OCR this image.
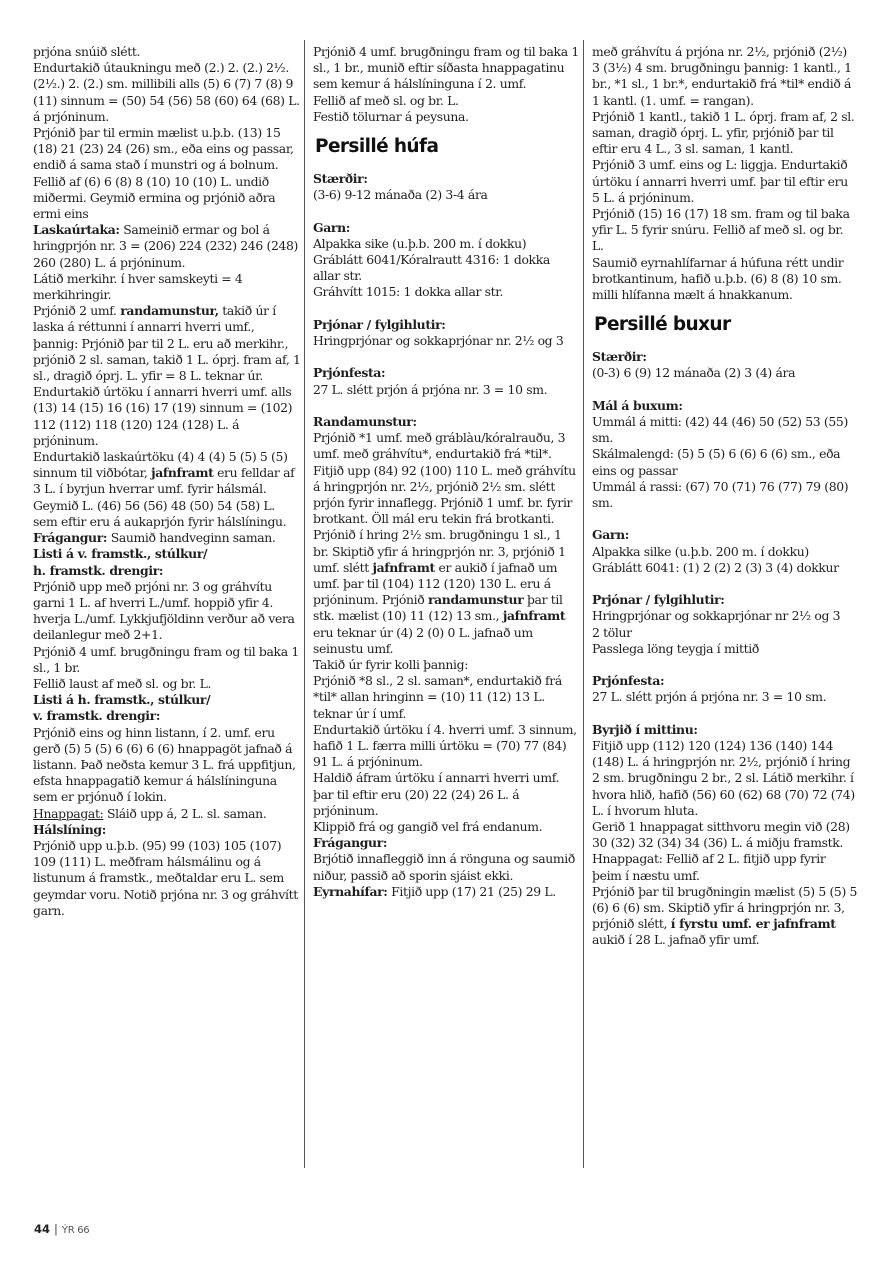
prjóna snúið slétt.

Endurtakið útaukningu með (2.) 2. (2.) 2½. (2½.) 2. (2.) sm. millibili alls (5) 6 (7) 7 (8) 9 (11) sinnum = (50) 54 (56) 58 (60) 64 (68) L. á prjóninum.

Prjónið þar til ermin mælist u.þ.b. (13) 15 (18) 21 (23) 24 (26) sm., eða eins og passar, endið á sama stað í munstri og á bolnum.

Fellið af (6) 6 (8) 8 (10) 10 (10) L. undið miðermi. Geymið ermina og prjónið aðra ermi eins

Laskaúrtaka: Sameinið ermar og bol á hringprjón nr. 3 = (206) 224 (232) 246 (248) 260 (280) L. á prjóninum.

Látið merkihr. í hver samskeyti = 4 merkihringir.

Prjónið 2 umf. randamunstur, takið úr í laska á réttunni í annarri hverri umf., þannig: Prjónið þar til 2 L. eru að merkihr., prjónið 2 sl. saman, takið 1 L. óprj. fram af, 1 sl., dragið óprj. L. yfir = 8 L. teknar úr.

Endurtakið úrtöku í annarri hverri umf. alls (13) 14 (15) 16 (16) 17 (19) sinnum = (102) 112 (112) 118 (120) 124 (128) L. á prjóninum.

Endurtakið laskaúrtöku (4) 4 (4) 5 (5) 5 (5) sinnum til viðbótar, jafnframt eru felldar af 3 L. í byrjun hverrar umf. fyrir hálsmál.

Geymið L. (46) 56 (56) 48 (50) 54 (58) L. sem eftir eru á aukaprjón fyrir hálslíningu.

Frágangur: Saumið handveginn saman.

Listi á v. framstk., stúlkur/ h. framstk. drengir:

Prjónið upp með prjóni nr. 3 og gráhvítu garni 1 L. af hverri L./umf. hoppið yfir 4. hverja L./umf. Lykkjufjöldinn verður að vera deilanlegur með 2+1.

Prjónið 4 umf. brugðningu fram og til baka 1 sl., 1 br.

Fellið laust af með sl. og br. L.

Listi á h. framstk., stúlkur/ v. framstk. drengir:

Prjónið eins og hinn listann, í 2. umf. eru gerð (5) 5 (5) 6 (6) 6 (6) hnappagöt jafnað á listann. Það neðsta kemur 3 L. frá uppfitjun, efsta hnappagatið kemur á hálslíninguna sem er prjónuð í lokin.

Hnappagat: Sláið upp á, 2 L. sl. saman.

Hálslíning:

Prjónið upp u.þ.b. (95) 99 (103) 105 (107) 109 (111) L. meðfram hálsmálinu og á listunum á framstk., meðtaldar eru L. sem geymdar voru. Notið prjóna nr. 3 og gráhvítt garn.

Prjónið 4 umf. brugðningu fram og til baka 1 sl., 1 br., munið eftir síðasta hnappagatinu sem kemur á hálslíninguna í 2. umf.

Fellið af með sl. og br. L.

Festið tölurnar á peysuna.

Persillé húfa

Stærðir:

(3-6) 9-12 mánaða (2) 3-4 ára

Garn:

Alpakka sike (u.þ.b. 200 m. í dokku)

Gráblátt 6041/Kóralrautt 4316: 1 dokka allar str.

Gráhvítt 1015: 1 dokka allar str.

Prjónar / fylgihlutir:

Hringprjónar og sokkaprjónar nr. 2½ og 3

Prjónfesta:

27 L. slétt prjón á prjóna nr. 3 = 10 sm.

Randamunstur:

Prjónið *1 umf. með gráblàu/kóralrauðu, 3 umf. með gráhvítu*, endurtakið frá *til*.

Fitjið upp (84) 92 (100) 110 L. með gráhvítu á hringprjón nr. 2½, prjónið 2½ sm. slétt prjón fyrir innaflegg. Prjónið 1 umf. br. fyrir brotkant. Öll mál eru tekin frá brotkanti.

Prjónið í hring 2½ sm. brugðningu 1 sl., 1 br. Skiptið yfir á hringprjón nr. 3, prjónið 1 umf. slétt jafnframt er aukið í jafnað um umf. þar til (104) 112 (120) 130 L. eru á prjóninum. Prjónið randamunstur þar til stk. mælist (10) 11 (12) 13 sm., jafnframt eru teknar úr (4) 2 (0) 0 L. jafnað um seinustu umf.

Takið úr fyrir kolli þannig:

Prjónið *8 sl., 2 sl. saman*, endurtakið frá *til* allan hringinn = (10) 11 (12) 13 L. teknar úr í umf.

Endurtakið úrtöku í 4. hverri umf. 3 sinnum, hafið 1 L. færra milli úrtöku = (70) 77 (84) 91 L. á prjóninum.

Haldið áfram úrtöku í annarri hverri umf. þar til eftir eru (20) 22 (24) 26 L. á prjóninum.

Klippið frá og gangið vel frá endanum.

Frágangur:

Brjótið innafleggið inn á rönguna og saumið niður, passið að sporin sjáist ekki.

Eyrnahífar: Fitjið upp (17) 21 (25) 29 L.

með gráhvítu á prjóna nr. 2½, prjónið (2½) 3 (3½) 4 sm. brugðningu þannig: 1 kantl., 1 br., *1 sl., 1 br.*, endurtakið frá *til* endið á 1 kantl. (1. umf. = rangan).

Prjónið 1 kantl., takið 1 L. óprj. fram af, 2 sl. saman, dragið óprj. L. yfir, prjónið þar til eftir eru 4 L., 3 sl. saman, 1 kantl.

Prjónið 3 umf. eins og L: liggja. Endurtakið úrtöku í annarri hverri umf. þar til eftir eru 5 L. á prjóninum.

Prjónið (15) 16 (17) 18 sm. fram og til baka yfir L. 5 fyrir snúru. Fellið af með sl. og br. L.

Saumið eyrnahlífarnar á húfuna rétt undir brotkantinum, hafið u.þ.b. (6) 8 (8) 10 sm. milli hlífanna mælt á hnakkanum.

Persillé buxur

Stærðir:

(0-3) 6 (9) 12 mánaða (2) 3 (4) ára

Mál á buxum:

Ummál á mitti: (42) 44 (46) 50 (52) 53 (55) sm.

Skálmalengd: (5) 5 (5) 6 (6) 6 (6) sm., eða eins og passar

Ummál á rassi: (67) 70 (71) 76 (77) 79 (80) sm.

Garn:

Alpakka silke (u.þ.b. 200 m. í dokku)

Gráblátt 6041: (1) 2 (2) 2 (3) 3 (4) dokkur

Prjónar / fylgihlutir:

Hringprjónar og sokkaprjónar nr 2½ og 3

2 tölur

Passlega löng teygja í mittið

Prjónfesta:

27 L. slétt prjón á prjóna nr. 3 = 10 sm.

Byrjið í mittinu:

Fitjið upp (112) 120 (124) 136 (140) 144 (148) L. á hringprjón nr. 2½, prjónið í hring 2 sm. brugðningu 2 br., 2 sl. Látið merkihr. í hvora hlið, hafið (56) 60 (62) 68 (70) 72 (74) L. í hvorum hluta.

Gerið 1 hnappagat sitthvoru megin við (28) 30 (32) 32 (34) 34 (36) L. á miðju framstk.

Hnappagat: Fellið af 2 L. fitjið upp fyrir þeim í næstu umf.

Prjónið þar til brugðningin mælist (5) 5 (5) 5 (6) 6 (6) sm. Skiptið yfir á hringprjón nr. 3, prjónið slétt, í fyrstu umf. er jafnframt aukið í 28 L. jafnað yfir umf.

44 | ÝR 66
